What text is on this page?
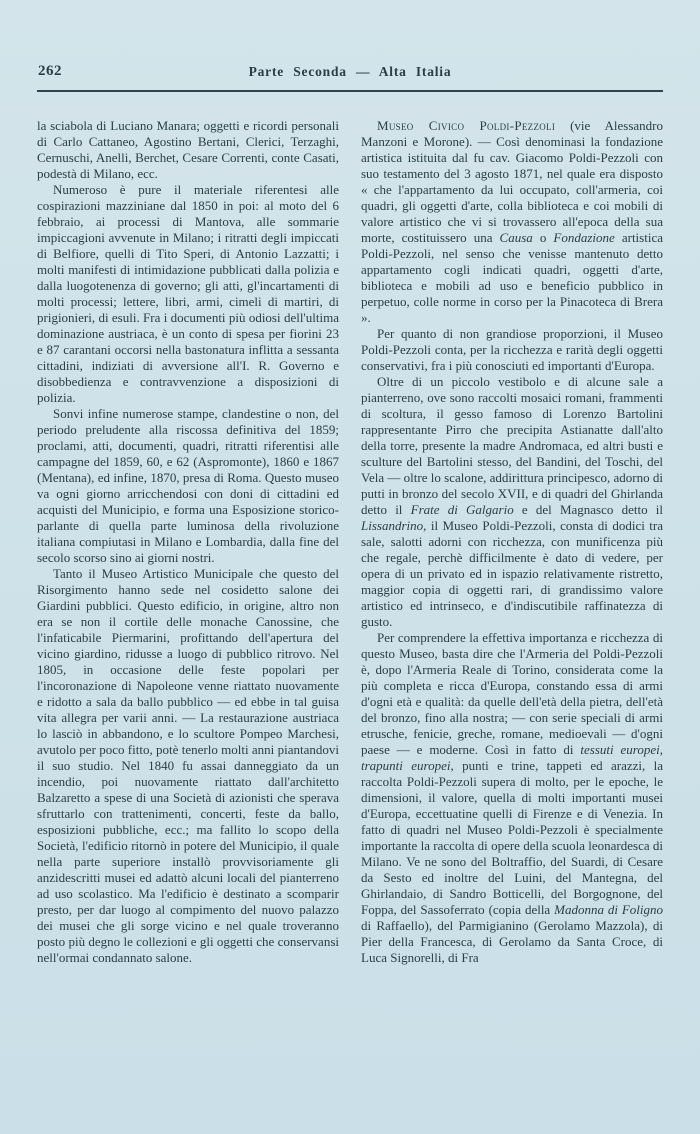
262	Parte Seconda — Alta Italia

la sciabola di Luciano Manara; oggetti e ricordi personali di Carlo Cattaneo, Agostino Bertani, Clerici, Terzaghi, Cernuschi, Anelli, Berchet, Cesare Correnti, conte Casati, podestà di Milano, ecc.

Numeroso è pure il materiale riferentesi alle cospirazioni mazziniane dal 1850 in poi: al moto del 6 febbraio, ai processi di Mantova, alle sommarie impiccagioni avvenute in Milano; i ritratti degli impiccati di Belfiore, quelli di Tito Speri, di Antonio Lazzatti; i molti manifesti di intimidazione pubblicati dalla polizia e dalla luogotenenza di governo; gli atti, gl'incartamenti di molti processi; lettere, libri, armi, cimeli di martiri, di prigionieri, di esuli. Fra i documenti più odiosi dell'ultima dominazione austriaca, è un conto di spesa per fiorini 23 e 87 carantani occorsi nella bastonatura inflitta a sessanta cittadini, indiziati di avversione all'I. R. Governo e disobbedienza e contravvenzione a disposizioni di polizia.

Sonvi infine numerose stampe, clandestine o non, del periodo preludente alla riscossa definitiva del 1859; proclami, atti, documenti, quadri, ritratti riferentisi alle campagne del 1859, 60, e 62 (Aspromonte), 1860 e 1867 (Mentana), ed infine, 1870, presa di Roma. Questo museo va ogni giorno arricchendosi con doni di cittadini ed acquisti del Municipio, e forma una Esposizione storico-parlante di quella parte luminosa della rivoluzione italiana compiutasi in Milano e Lombardia, dalla fine del secolo scorso sino ai giorni nostri.

Tanto il Museo Artistico Municipale che questo del Risorgimento hanno sede nel cosidetto salone dei Giardini pubblici. Questo edificio, in origine, altro non era se non il cortile delle monache Canossine, che l'infaticabile Piermarini, profittando dell'apertura del vicino giardino, ridusse a luogo di pubblico ritrovo. Nel 1805, in occasione delle feste popolari per l'incoronazione di Napoleone venne riattato nuovamente e ridotto a sala da ballo pubblico — ed ebbe in tal guisa vita allegra per varii anni. — La restaurazione austriaca lo lasciò in abbandono, e lo scultore Pompeo Marchesi, avutolo per poco fitto, potè tenerlo molti anni piantandovi il suo studio. Nel 1840 fu assai danneggiato da un incendio, poi nuovamente riattato dall'architetto Balzaretto a spese di una Società di azionisti che sperava sfruttarlo con trattenimenti, concerti, feste da ballo, esposizioni pubbliche, ecc.; ma fallito lo scopo della Società, l'edificio ritornò in potere del Municipio, il quale nella parte superiore installò provvisoriamente gli anzidescritti musei ed adattò alcuni locali del pianterreno ad uso scolastico. Ma l'edificio è destinato a scomparir presto, per dar luogo al compimento del nuovo palazzo dei musei che gli sorge vicino e nel quale troveranno posto più degno le collezioni e gli oggetti che conservansi nell'ormai condannato salone.

Museo Civico Poldi-Pezzoli (vie Alessandro Manzoni e Morone). — Così denominasi la fondazione artistica istituita dal fu cav. Giacomo Poldi-Pezzoli con suo testamento del 3 agosto 1871, nel quale era disposto « che l'appartamento da lui occupato, coll'armeria, coi quadri, gli oggetti d'arte, colla biblioteca e coi mobili di valore artistico che vi si trovassero all'epoca della sua morte, costituissero una Causa o Fondazione artistica Poldi-Pezzoli, nel senso che venisse mantenuto detto appartamento cogli indicati quadri, oggetti d'arte, biblioteca e mobili ad uso e beneficio pubblico in perpetuo, colle norme in corso per la Pinacoteca di Brera ».

Per quanto di non grandiose proporzioni, il Museo Poldi-Pezzoli conta, per la ricchezza e rarità degli oggetti conservativi, fra i più conosciuti ed importanti d'Europa.

Oltre di un piccolo vestibolo e di alcune sale a pianterreno, ove sono raccolti mosaici romani, frammenti di scoltura, il gesso famoso di Lorenzo Bartolini rappresentante Pirro che precipita Astianatte dall'alto della torre, presente la madre Andromaca, ed altri busti e sculture del Bartolini stesso, del Bandini, del Toschi, del Vela — oltre lo scalone, addirittura principesco, adorno di putti in bronzo del secolo XVII, e di quadri del Ghirlanda detto il Frate di Galgario e del Magnasco detto il Lissandrino, il Museo Poldi-Pezzoli, consta di dodici tra sale, salotti adorni con ricchezza, con munificenza più che regale, perchè difficilmente è dato di vedere, per opera di un privato ed in ispazio relativamente ristretto, maggior copia di oggetti rari, di grandissimo valore artistico ed intrinseco, e d'indiscutibile raffinatezza di gusto.

Per comprendere la effettiva importanza e ricchezza di questo Museo, basta dire che l'Armeria del Poldi-Pezzoli è, dopo l'Armeria Reale di Torino, considerata come la più completa e ricca d'Europa, constando essa di armi d'ogni età e qualità: da quelle dell'età della pietra, dell'età del bronzo, fino alla nostra; — con serie speciali di armi etrusche, fenicie, greche, romane, medioevali — d'ogni paese — e moderne. Così in fatto di tessuti europei, trapunti europei, punti e trine, tappeti ed arazzi, la raccolta Poldi-Pezzoli supera di molto, per le epoche, le dimensioni, il valore, quella di molti importanti musei d'Europa, eccettuatine quelli di Firenze e di Venezia. In fatto di quadri nel Museo Poldi-Pezzoli è specialmente importante la raccolta di opere della scuola leonardesca di Milano. Ve ne sono del Boltraffio, del Suardi, di Cesare da Sesto ed inoltre del Luini, del Mantegna, del Ghirlandaio, di Sandro Botticelli, del Borgognone, del Foppa, del Sassoferrato (copia della Madonna di Foligno di Raffaello), del Parmigianino (Gerolamo Mazzola), di Pier della Francesca, di Gerolamo da Santa Croce, di Luca Signorelli, di Fra
